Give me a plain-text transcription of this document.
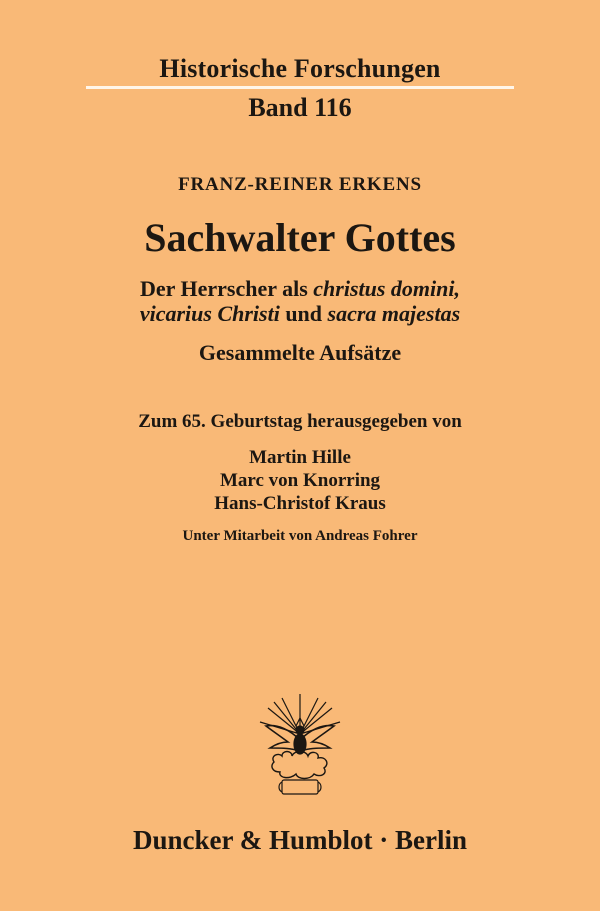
Historische Forschungen
Band 116
FRANZ-REINER ERKENS
Sachwalter Gottes
Der Herrscher als christus domini,
vicarius Christi und sacra majestas
Gesammelte Aufsätze
Zum 65. Geburtstag herausgegeben von
Martin Hille
Marc von Knorring
Hans-Christof Kraus
Unter Mitarbeit von Andreas Fohrer
Duncker & Humblot · Berlin
